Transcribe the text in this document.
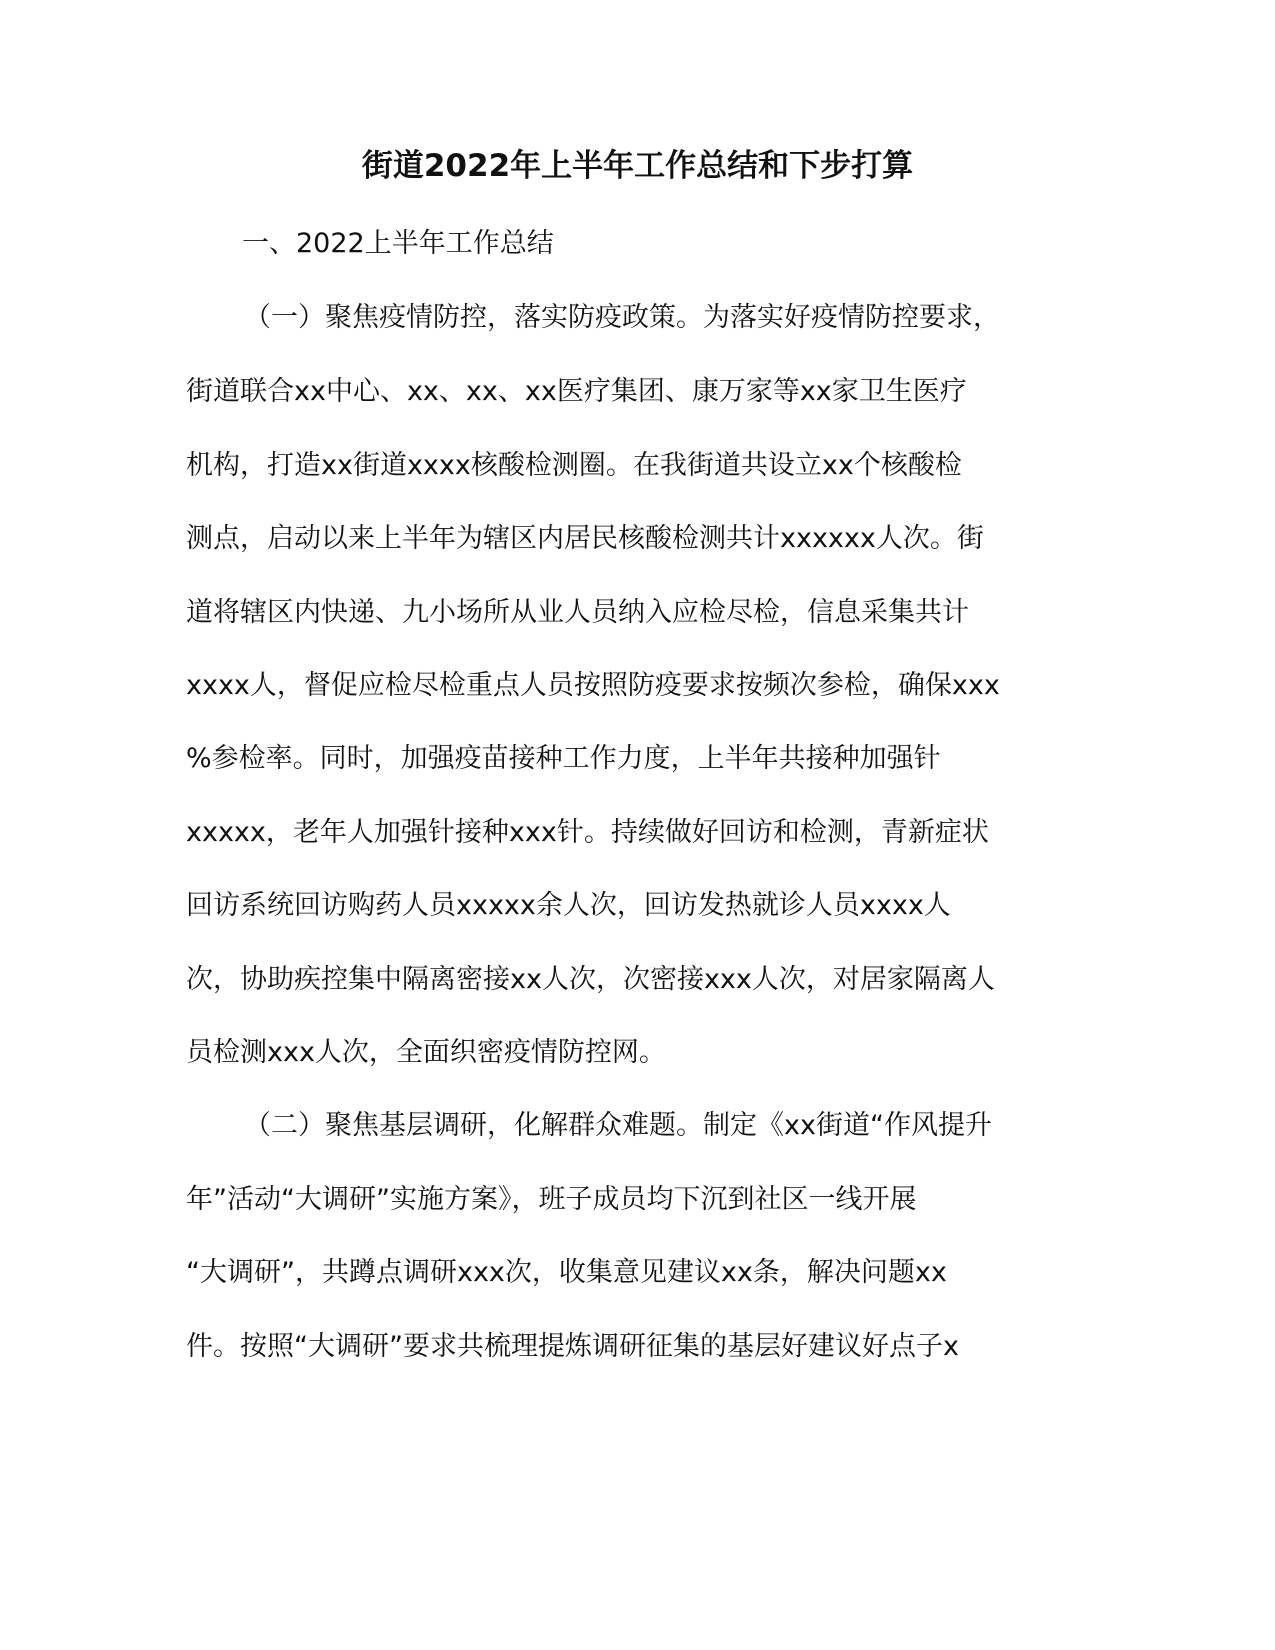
街道2022年上半年工作总结和下步打算

一、2022上半年工作总结

（一）聚焦疫情防控，落实防疫政策。为落实好疫情防控要求，

街道联合xx中心、xx、xx、xx医疗集团、康万家等xx家卫生医疗

机构，打造xx街道xxxx核酸检测圈。在我街道共设立xx个核酸检

测点，启动以来上半年为辖区内居民核酸检测共计xxxxxx人次。街

道将辖区内快递、九小场所从业人员纳入应检尽检，信息采集共计

xxxx人，督促应检尽检重点人员按照防疫要求按频次参检，确保xxx

%参检率。同时，加强疫苗接种工作力度，上半年共接种加强针

xxxxx，老年人加强针接种xxx针。持续做好回访和检测，青新症状

回访系统回访购药人员xxxxx余人次，回访发热就诊人员xxxx人

次，协助疾控集中隔离密接xx人次，次密接xxx人次，对居家隔离人

员检测xxx人次，全面织密疫情防控网。

（二）聚焦基层调研，化解群众难题。制定《xx街道“作风提升

年”活动“大调研”实施方案》，班子成员均下沉到社区一线开展

“大调研”，共蹲点调研xxx次，收集意见建议xx条，解决问题xx

件。按照“大调研”要求共梳理提炼调研征集的基层好建议好点子x
